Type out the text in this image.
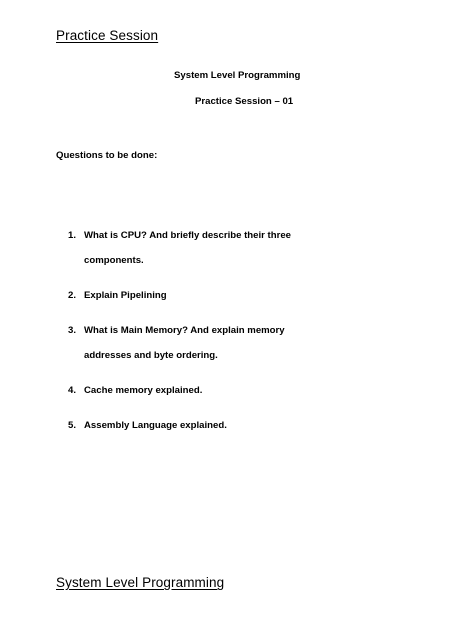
Practice Session
System Level Programming
Practice Session – 01
Questions to be done:
1. What is CPU? And briefly describe their three components.
2. Explain Pipelining
3. What is Main Memory? And explain memory addresses and byte ordering.
4. Cache memory explained.
5. Assembly Language explained.
System Level Programming
